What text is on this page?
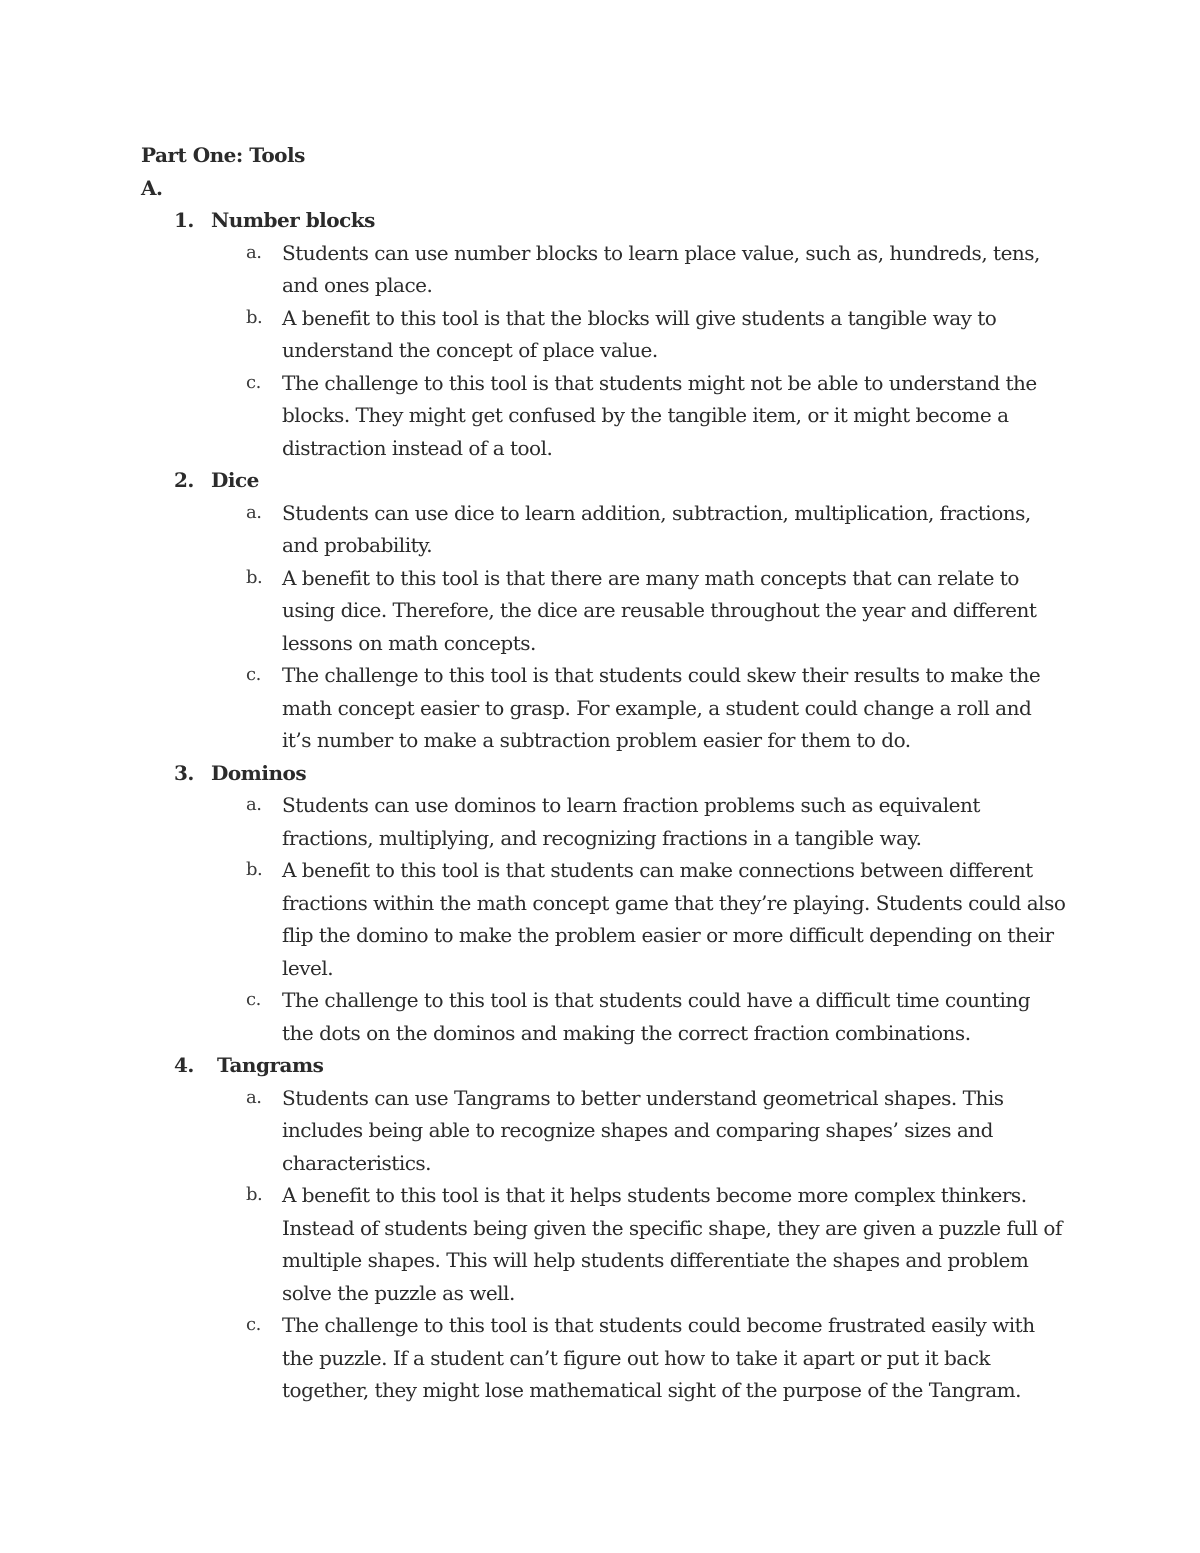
Part One: Tools
A.
1. Number blocks
a. Students can use number blocks to learn place value, such as, hundreds, tens, and ones place.
b. A benefit to this tool is that the blocks will give students a tangible way to understand the concept of place value.
c. The challenge to this tool is that students might not be able to understand the blocks. They might get confused by the tangible item, or it might become a distraction instead of a tool.
2. Dice
a. Students can use dice to learn addition, subtraction, multiplication, fractions, and probability.
b. A benefit to this tool is that there are many math concepts that can relate to using dice. Therefore, the dice are reusable throughout the year and different lessons on math concepts.
c. The challenge to this tool is that students could skew their results to make the math concept easier to grasp. For example, a student could change a roll and it’s number to make a subtraction problem easier for them to do.
3. Dominos
a. Students can use dominos to learn fraction problems such as equivalent fractions, multiplying, and recognizing fractions in a tangible way.
b. A benefit to this tool is that students can make connections between different fractions within the math concept game that they’re playing. Students could also flip the domino to make the problem easier or more difficult depending on their level.
c. The challenge to this tool is that students could have a difficult time counting the dots on the dominos and making the correct fraction combinations.
4.	Tangrams
a. Students can use Tangrams to better understand geometrical shapes. This includes being able to recognize shapes and comparing shapes’ sizes and characteristics.
b. A benefit to this tool is that it helps students become more complex thinkers. Instead of students being given the specific shape, they are given a puzzle full of multiple shapes. This will help students differentiate the shapes and problem solve the puzzle as well.
c. The challenge to this tool is that students could become frustrated easily with the puzzle. If a student can’t figure out how to take it apart or put it back together, they might lose mathematical sight of the purpose of the Tangram.
